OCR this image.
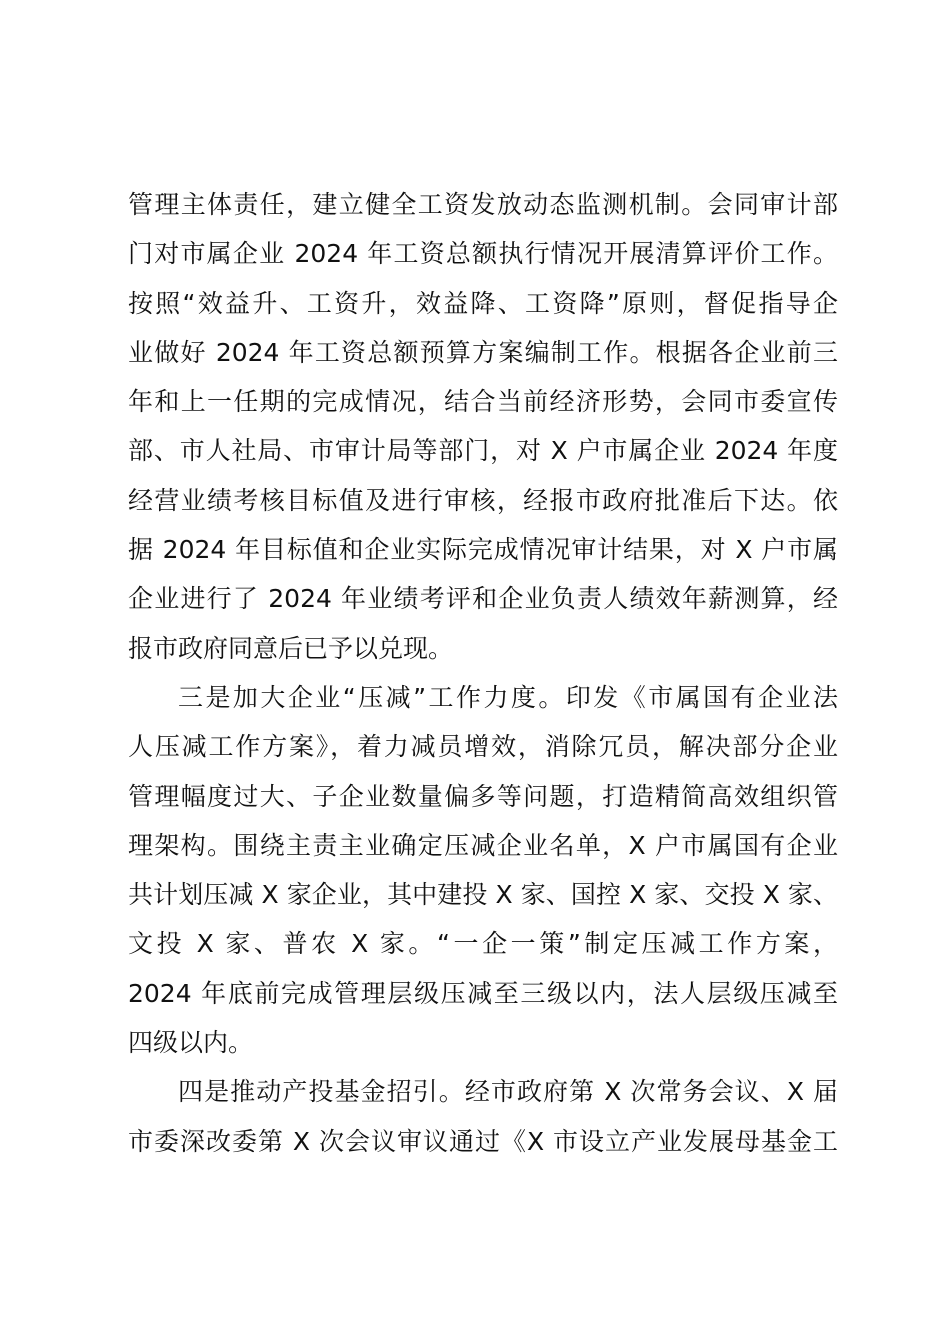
管理主体责任，建立健全工资发放动态监测机制。会同审计部
门对市属企业 2024 年工资总额执行情况开展清算评价工作。
按照“效益升、工资升，效益降、工资降”原则，督促指导企
业做好 2024 年工资总额预算方案编制工作。根据各企业前三
年和上一任期的完成情况，结合当前经济形势，会同市委宣传
部、市人社局、市审计局等部门，对 X 户市属企业 2024 年度
经营业绩考核目标值及进行审核，经报市政府批准后下达。依
据 2024 年目标值和企业实际完成情况审计结果，对 X 户市属
企业进行了 2024 年业绩考评和企业负责人绩效年薪测算，经
报市政府同意后已予以兑现。
三是加大企业“压减”工作力度。印发《市属国有企业法
人压减工作方案》，着力减员增效，消除冗员，解决部分企业
管理幅度过大、子企业数量偏多等问题，打造精简高效组织管
理架构。围绕主责主业确定压减企业名单，X 户市属国有企业
共计划压减 X 家企业，其中建投 X 家、国控 X 家、交投 X 家、
文投 X 家、普农 X 家。“一企一策”制定压减工作方案，
2024 年底前完成管理层级压减至三级以内，法人层级压减至
四级以内。
四是推动产投基金招引。经市政府第 X 次常务会议、X 届
市委深改委第 X 次会议审议通过《X 市设立产业发展母基金工
